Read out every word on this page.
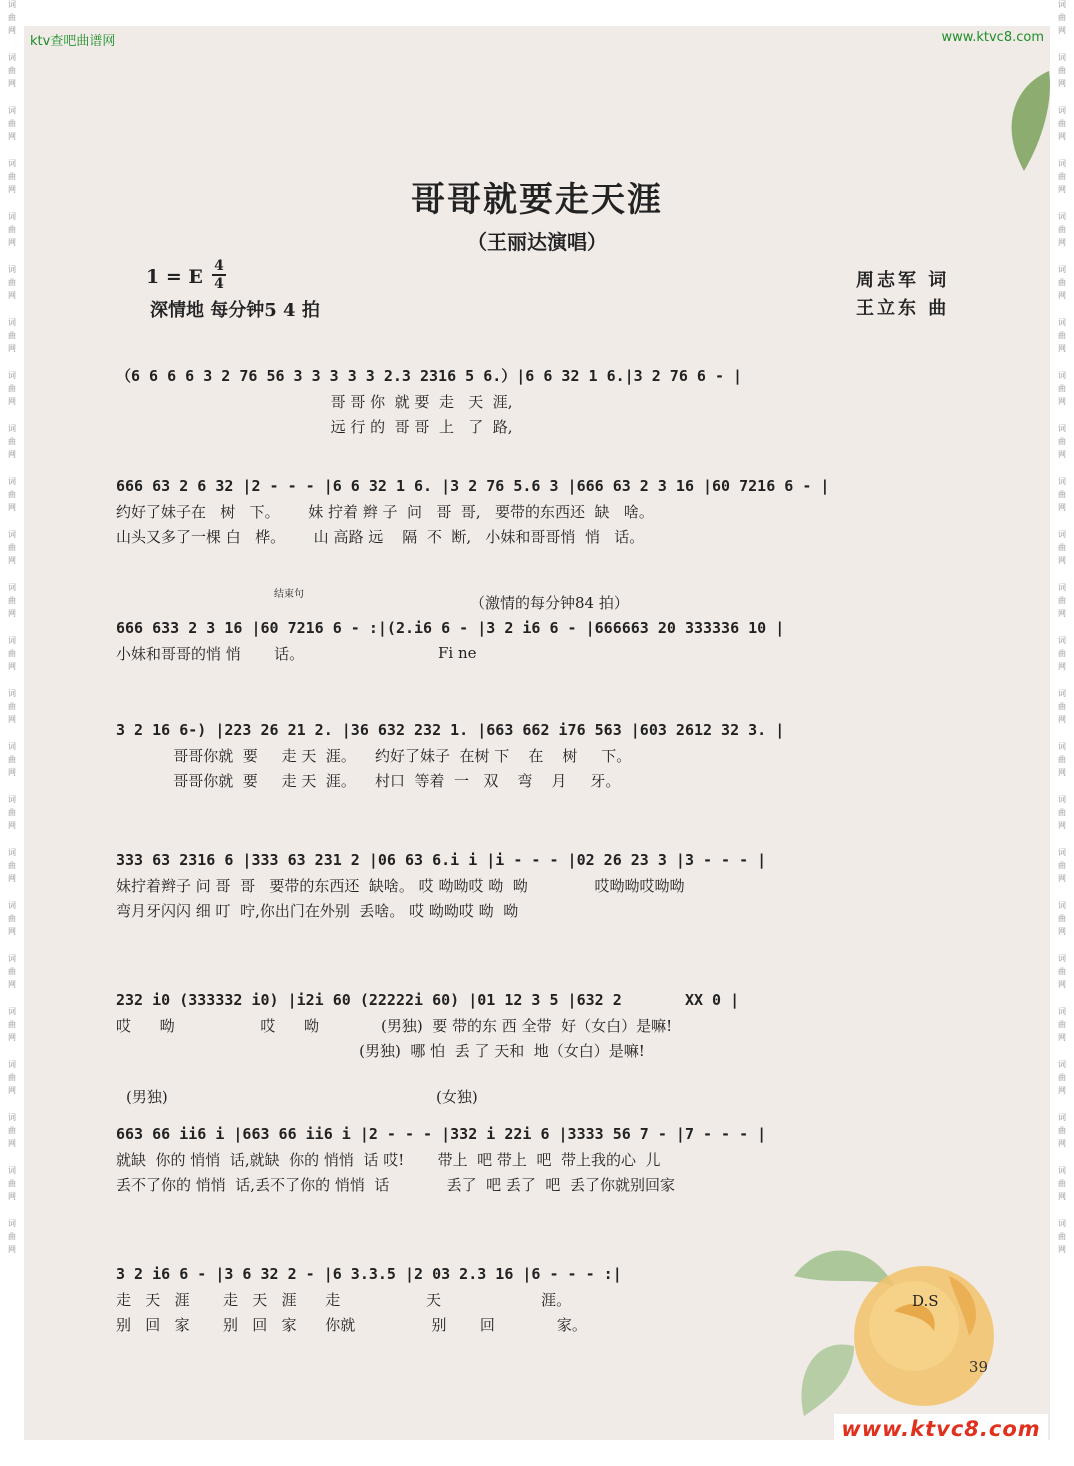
词
曲
网
词
曲
网
词
曲
网
词
曲
网
词
曲
网
词
曲
网
词
曲
网
词
曲
网
词
曲
网
词
曲
网
词
曲
网
词
曲
网
词
曲
网
词
曲
网
词
曲
网
词
曲
网
词
曲
网
词
曲
网
词
曲
网
词
曲
网
词
曲
网
词
曲
网
词
曲
网
词
曲
网
词
曲
网
词
曲
网
词
曲
网
词
曲
网
词
曲
网
词
曲
网
词
曲
网
词
曲
网
词
曲
网
词
曲
网
词
曲
网
词
曲
网
词
曲
网
词
曲
网
词
曲
网
词
曲
网
词
曲
网
词
曲
网
词
曲
网
词
曲
网
词
曲
网
词
曲
网
词
曲
网
词
曲
网
ktv查吧曲谱网	www.ktvc8.com
哥哥就要走天涯
（王丽达演唱）
1 = E 4
4
深情地 每分钟5 4 拍
周志军 词
王立东 曲
结束句
Fi ne
（激情的每分钟84 拍）
(男独)	(女独)
D.S
（6 6 6 6 3 2 76 56 3 3 3 3 3 2.3 2316 5 6.）|6 6 32 1 6.|3 2 76 6 - |
哥 哥 你  就 要  走   天  涯,
远 行 的  哥 哥  上   了  路,
666 63 2 6 32 |2 - - - |6 6 32 1 6. |3 2 76 5.6 3 |666 63 2 3 16 |60 7216 6 - |
约好了妹子在   树   下。      妹 拧着 辫 子  问   哥  哥,   要带的东西还  缺   啥。
山头又多了一棵 白   桦。      山 高路 远    隔  不  断,   小妹和哥哥悄  悄   话。
666 633 2 3 16 |60 7216 6 - :|(2.i6 6 - |3 2 i6 6 - |666663 20 333336 10 |
小妹和哥哥的悄 悄       话。
3 2 16 6-) |223 26 21 2. |36 632 232 1. |663 662 i76 563 |603 2612 32 3. |
哥哥你就  要     走 天  涯。    约好了妹子  在树 下    在    树     下。
哥哥你就  要     走 天  涯。    村口  等着  一   双    弯    月     牙。
333 63 2316 6 |333 63 231 2 |06 63 6.i i |i - - - |02 26 23 3 |3 - - - |
妹拧着辫子 问 哥  哥   要带的东西还  缺啥。 哎 呦呦哎 呦  呦              哎呦呦哎呦呦
弯月牙闪闪 细 叮  咛,你出门在外别  丢啥。 哎 呦呦哎 呦  呦
232 i0 (333332 i0) |i2i 60 (22222i 60) |01 12 3 5 |632 2       XX 0 |
哎      呦                  哎      呦             (男独)  要 带的东 西 全带  好（女白）是嘛!
(男独)  哪 怕  丢 了 天和  地（女白）是嘛!
663 66 ii6 i |663 66 ii6 i |2 - - - |332 i 22i 6 |3333 56 7 - |7 - - - |
就缺  你的 悄悄  话,就缺  你的 悄悄  话 哎!       带上  吧 带上  吧  带上我的心  儿
丢不了你的 悄悄  话,丢不了你的 悄悄  话            丢了  吧 丢了  吧  丢了你就别回家
3 2 i6 6 - |3 6 32 2 - |6 3.3.5 |2 03 2.3 16 |6 - - - :|
走   天   涯       走   天   涯      走                  天                     涯。
别   回   家       别   回   家      你就                别       回             家。
39
www.ktvc8.com
